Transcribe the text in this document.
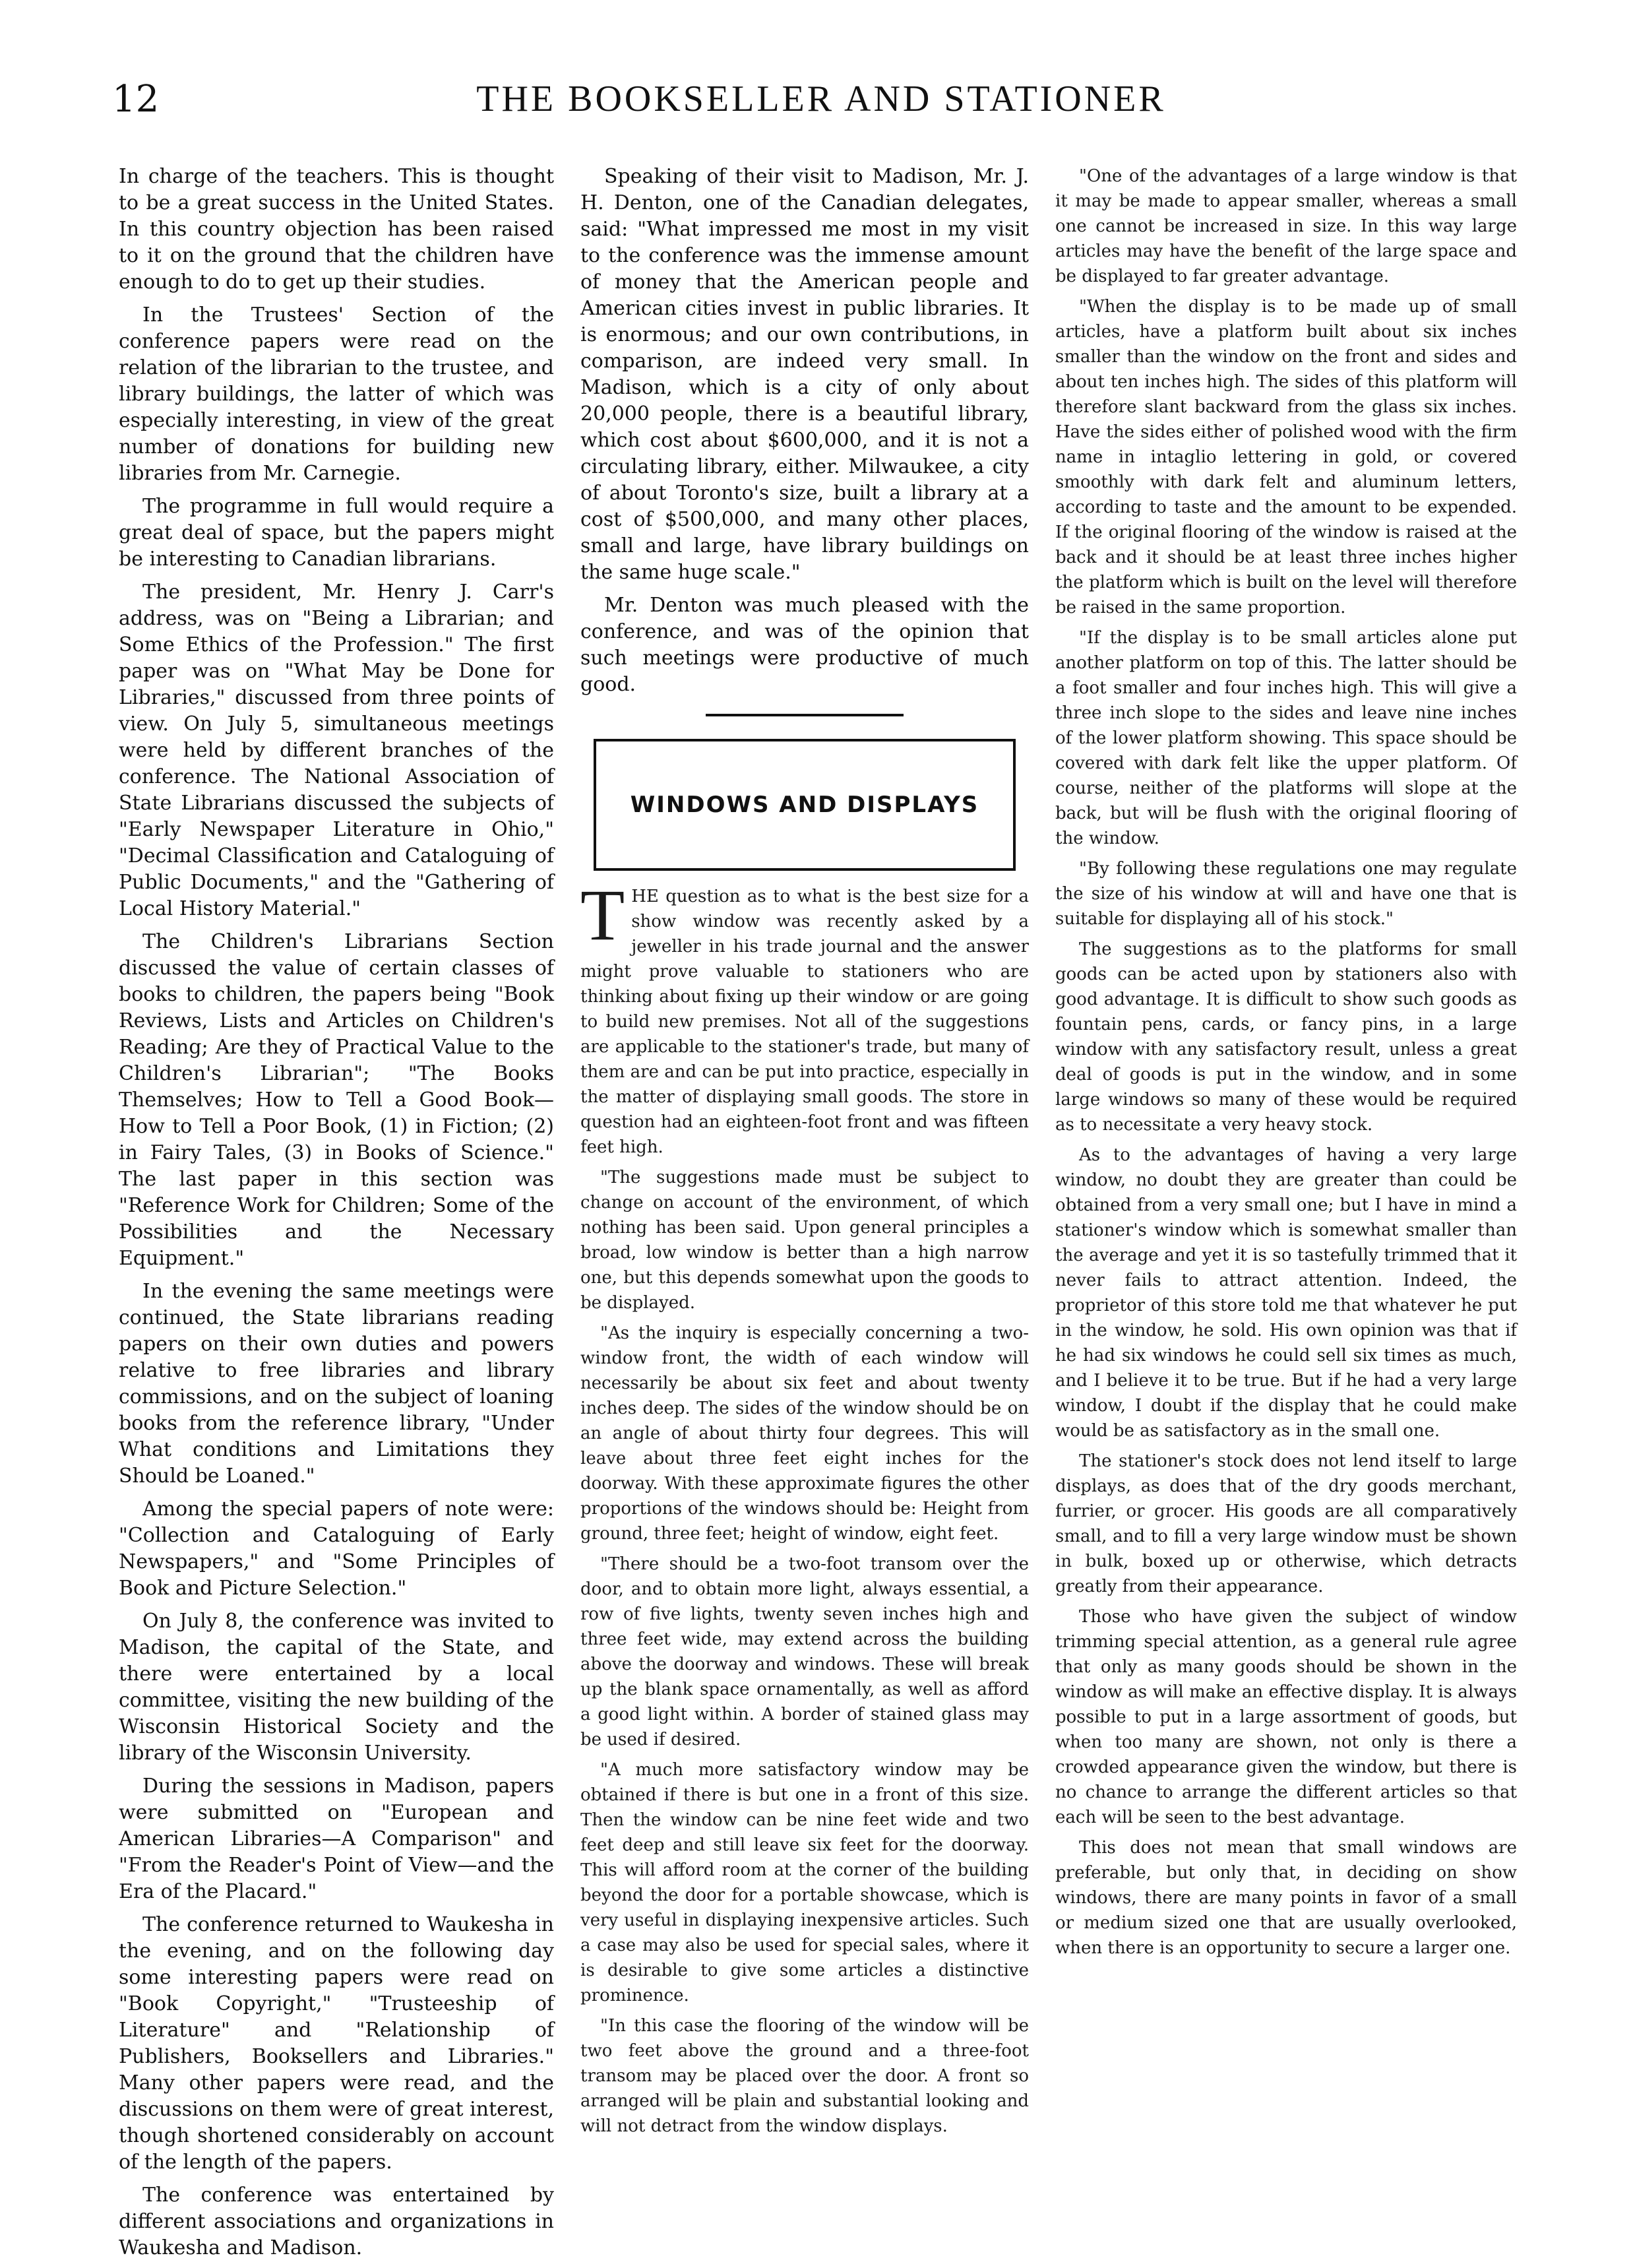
12	THE BOOKSELLER AND STATIONER

In charge of the teachers. This is thought to be a great success in the United States. In this country objection has been raised to it on the ground that the children have enough to do to get up their studies.

In the Trustees' Section of the conference papers were read on the relation of the librarian to the trustee, and library buildings, the latter of which was especially interesting, in view of the great number of donations for building new libraries from Mr. Carnegie.

The programme in full would require a great deal of space, but the papers might be interesting to Canadian librarians.

The president, Mr. Henry J. Carr's address, was on "Being a Librarian; and Some Ethics of the Profession." The first paper was on "What May be Done for Libraries," discussed from three points of view. On July 5, simultaneous meetings were held by different branches of the conference. The National Association of State Librarians discussed the subjects of "Early Newspaper Literature in Ohio," "Decimal Classification and Cataloguing of Public Documents," and the "Gathering of Local History Material."

The Children's Librarians Section discussed the value of certain classes of books to children, the papers being "Book Reviews, Lists and Articles on Children's Reading; Are they of Practical Value to the Children's Librarian"; "The Books Themselves; How to Tell a Good Book—How to Tell a Poor Book, (1) in Fiction; (2) in Fairy Tales, (3) in Books of Science." The last paper in this section was "Reference Work for Children; Some of the Possibilities and the Necessary Equipment."

In the evening the same meetings were continued, the State librarians reading papers on their own duties and powers relative to free libraries and library commissions, and on the subject of loaning books from the reference library, "Under What conditions and Limitations they Should be Loaned."

Among the special papers of note were: "Collection and Cataloguing of Early Newspapers," and "Some Principles of Book and Picture Selection."

On July 8, the conference was invited to Madison, the capital of the State, and there were entertained by a local committee, visiting the new building of the Wisconsin Historical Society and the library of the Wisconsin University.

During the sessions in Madison, papers were submitted on "European and American Libraries—A Comparison" and "From the Reader's Point of View—and the Era of the Placard."

The conference returned to Waukesha in the evening, and on the following day some interesting papers were read on "Book Copyright," "Trusteeship of Literature" and "Relationship of Publishers, Booksellers and Libraries." Many other papers were read, and the discussions on them were of great interest, though shortened considerably on account of the length of the papers.

The conference was entertained by different associations and organizations in Waukesha and Madison.

Speaking of their visit to Madison, Mr. J. H. Denton, one of the Canadian delegates, said: "What impressed me most in my visit to the conference was the immense amount of money that the American people and American cities invest in public libraries. It is enormous; and our own contributions, in comparison, are indeed very small. In Madison, which is a city of only about 20,000 people, there is a beautiful library, which cost about $600,000, and it is not a circulating library, either. Milwaukee, a city of about Toronto's size, built a library at a cost of $500,000, and many other places, small and large, have library buildings on the same huge scale."

Mr. Denton was much pleased with the conference, and was of the opinion that such meetings were productive of much good.

WINDOWS AND DISPLAYS

THE question as to what is the best size for a show window was recently asked by a jeweller in his trade journal and the answer might prove valuable to stationers who are thinking about fixing up their window or are going to build new premises. Not all of the suggestions are applicable to the stationer's trade, but many of them are and can be put into practice, especially in the matter of displaying small goods. The store in question had an eighteen-foot front and was fifteen feet high.

"The suggestions made must be subject to change on account of the environment, of which nothing has been said. Upon general principles a broad, low window is better than a high narrow one, but this depends somewhat upon the goods to be displayed.

"As the inquiry is especially concerning a two-window front, the width of each window will necessarily be about six feet and about twenty inches deep. The sides of the window should be on an angle of about thirty four degrees. This will leave about three feet eight inches for the doorway. With these approximate figures the other proportions of the windows should be: Height from ground, three feet; height of window, eight feet.

"There should be a two-foot transom over the door, and to obtain more light, always essential, a row of five lights, twenty seven inches high and three feet wide, may extend across the building above the doorway and windows. These will break up the blank space ornamentally, as well as afford a good light within. A border of stained glass may be used if desired.

"A much more satisfactory window may be obtained if there is but one in a front of this size. Then the window can be nine feet wide and two feet deep and still leave six feet for the doorway. This will afford room at the corner of the building beyond the door for a portable showcase, which is very useful in displaying inexpensive articles. Such a case may also be used for special sales, where it is desirable to give some articles a distinctive prominence.

"In this case the flooring of the window will be two feet above the ground and a three-foot transom may be placed over the door. A front so arranged will be plain and substantial looking and will not detract from the window displays.

"One of the advantages of a large window is that it may be made to appear smaller, whereas a small one cannot be increased in size. In this way large articles may have the benefit of the large space and be displayed to far greater advantage.

"When the display is to be made up of small articles, have a platform built about six inches smaller than the window on the front and sides and about ten inches high. The sides of this platform will therefore slant backward from the glass six inches. Have the sides either of polished wood with the firm name in intaglio lettering in gold, or covered smoothly with dark felt and aluminum letters, according to taste and the amount to be expended. If the original flooring of the window is raised at the back and it should be at least three inches higher the platform which is built on the level will therefore be raised in the same proportion.

"If the display is to be small articles alone put another platform on top of this. The latter should be a foot smaller and four inches high. This will give a three inch slope to the sides and leave nine inches of the lower platform showing. This space should be covered with dark felt like the upper platform. Of course, neither of the platforms will slope at the back, but will be flush with the original flooring of the window.

"By following these regulations one may regulate the size of his window at will and have one that is suitable for displaying all of his stock."

The suggestions as to the platforms for small goods can be acted upon by stationers also with good advantage. It is difficult to show such goods as fountain pens, cards, or fancy pins, in a large window with any satisfactory result, unless a great deal of goods is put in the window, and in some large windows so many of these would be required as to necessitate a very heavy stock.

As to the advantages of having a very large window, no doubt they are greater than could be obtained from a very small one; but I have in mind a stationer's window which is somewhat smaller than the average and yet it is so tastefully trimmed that it never fails to attract attention. Indeed, the proprietor of this store told me that whatever he put in the window, he sold. His own opinion was that if he had six windows he could sell six times as much, and I believe it to be true. But if he had a very large window, I doubt if the display that he could make would be as satisfactory as in the small one.

The stationer's stock does not lend itself to large displays, as does that of the dry goods merchant, furrier, or grocer. His goods are all comparatively small, and to fill a very large window must be shown in bulk, boxed up or otherwise, which detracts greatly from their appearance.

Those who have given the subject of window trimming special attention, as a general rule agree that only as many goods should be shown in the window as will make an effective display. It is always possible to put in a large assortment of goods, but when too many are shown, not only is there a crowded appearance given the window, but there is no chance to arrange the different articles so that each will be seen to the best advantage.

This does not mean that small windows are preferable, but only that, in deciding on show windows, there are many points in favor of a small or medium sized one that are usually overlooked, when there is an opportunity to secure a larger one.
